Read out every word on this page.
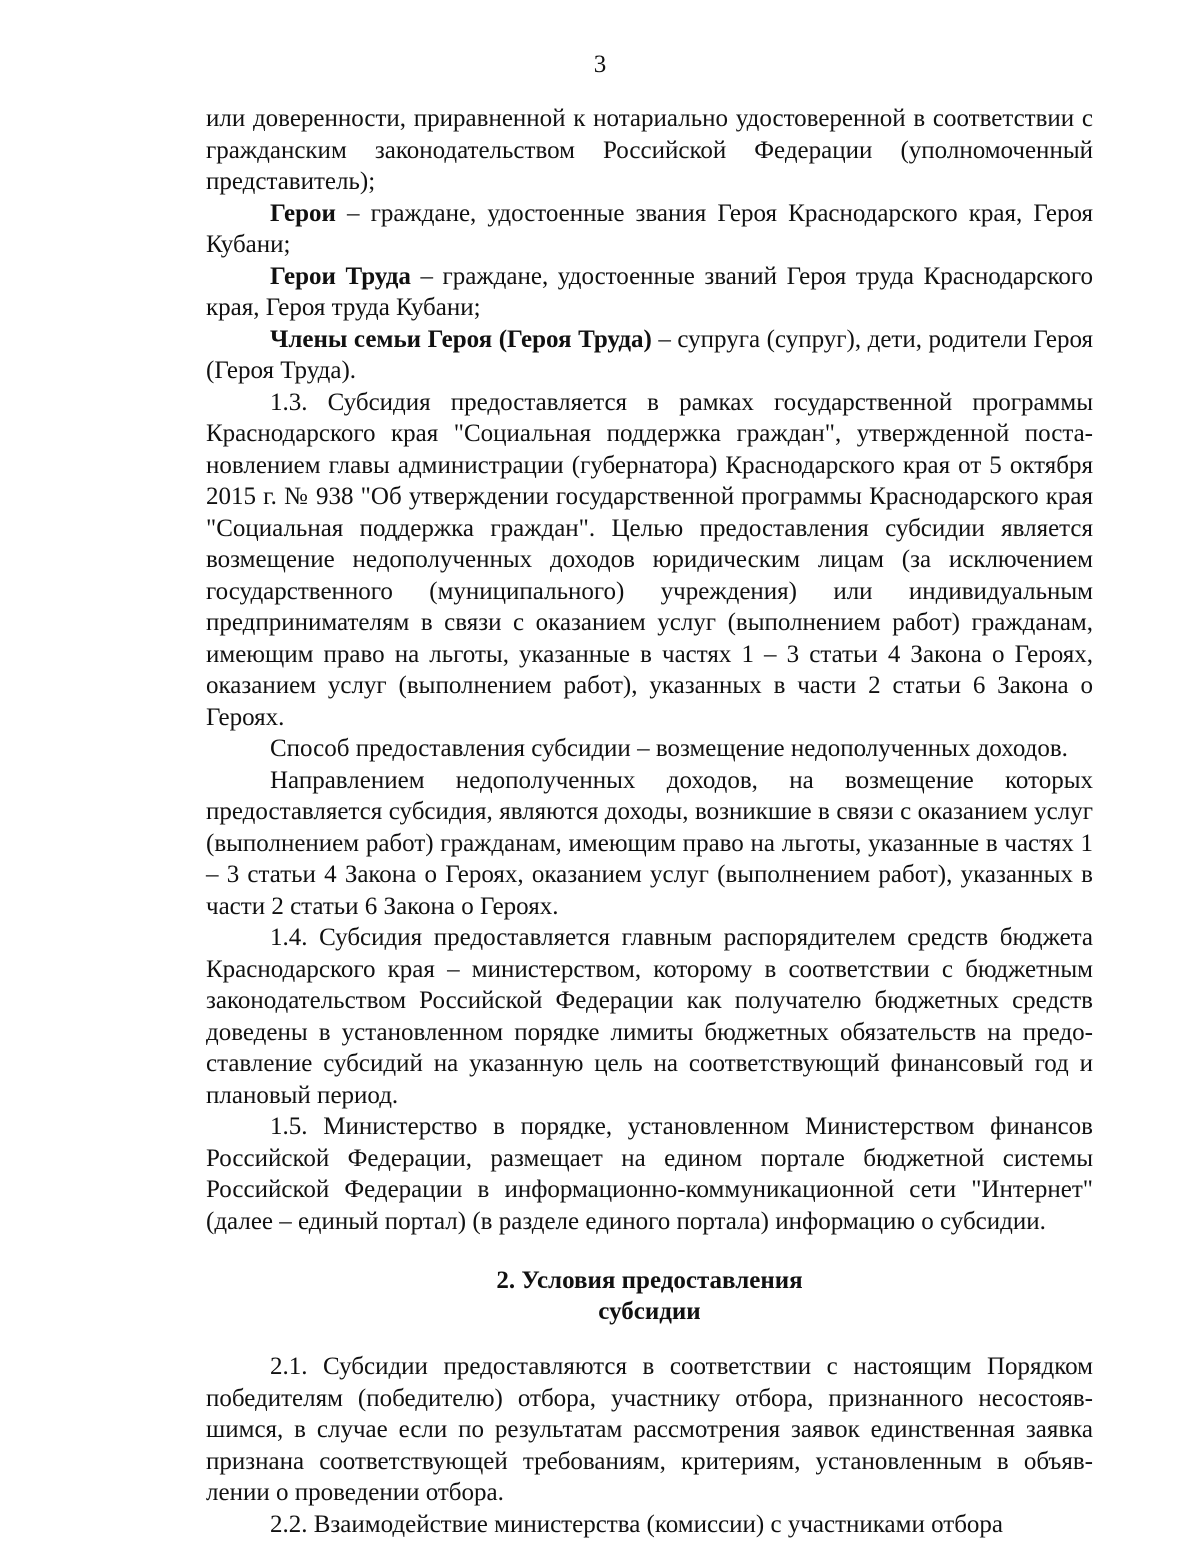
3

или доверенности, приравненной к нотариально удостоверенной в соответствии с гражданским законодательством Российской Федерации (уполномоченный представитель);

Герои – граждане, удостоенные звания Героя Краснодарского края, Героя Кубани;

Герои Труда – граждане, удостоенные званий Героя труда Краснодарского края, Героя труда Кубани;

Члены семьи Героя (Героя Труда) – супруга (супруг), дети, родители Героя (Героя Труда).

1.3. Субсидия предоставляется в рамках государственной программы Краснодарского края "Социальная поддержка граждан", утвержденной постановлением главы администрации (губернатора) Краснодарского края от 5 октября 2015 г. № 938 "Об утверждении государственной программы Краснодарского края "Социальная поддержка граждан". Целью предоставления субсидии является возмещение недополученных доходов юридическим лицам (за исключением государственного (муниципального) учреждения) или индивидуальным предпринимателям в связи с оказанием услуг (выполнением работ) гражданам, имеющим право на льготы, указанные в частях 1 – 3 статьи 4 Закона о Героях, оказанием услуг (выполнением работ), указанных в части 2 статьи 6 Закона о Героях.

Способ предоставления субсидии – возмещение недополученных доходов.

Направлением недополученных доходов, на возмещение которых предоставляется субсидия, являются доходы, возникшие в связи с оказанием услуг (выполнением работ) гражданам, имеющим право на льготы, указанные в частях 1 – 3 статьи 4 Закона о Героях, оказанием услуг (выполнением работ), указанных в части 2 статьи 6 Закона о Героях.

1.4. Субсидия предоставляется главным распорядителем средств бюджета Краснодарского края – министерством, которому в соответствии с бюджетным законодательством Российской Федерации как получателю бюджетных средств доведены в установленном порядке лимиты бюджетных обязательств на предоставление субсидий на указанную цель на соответствующий финансовый год и плановый период.

1.5. Министерство в порядке, установленном Министерством финансов Российской Федерации, размещает на едином портале бюджетной системы Российской Федерации в информационно-коммуникационной сети "Интернет" (далее – единый портал) (в разделе единого портала) информацию о субсидии.

2. Условия предоставления
субсидии

2.1. Субсидии предоставляются в соответствии с настоящим Порядком победителям (победителю) отбора, участнику отбора, признанного несостоявшимся, в случае если по результатам рассмотрения заявок единственная заявка признана соответствующей требованиям, критериям, установленным в объявлении о проведении отбора.

2.2. Взаимодействие министерства (комиссии) с участниками отбора
